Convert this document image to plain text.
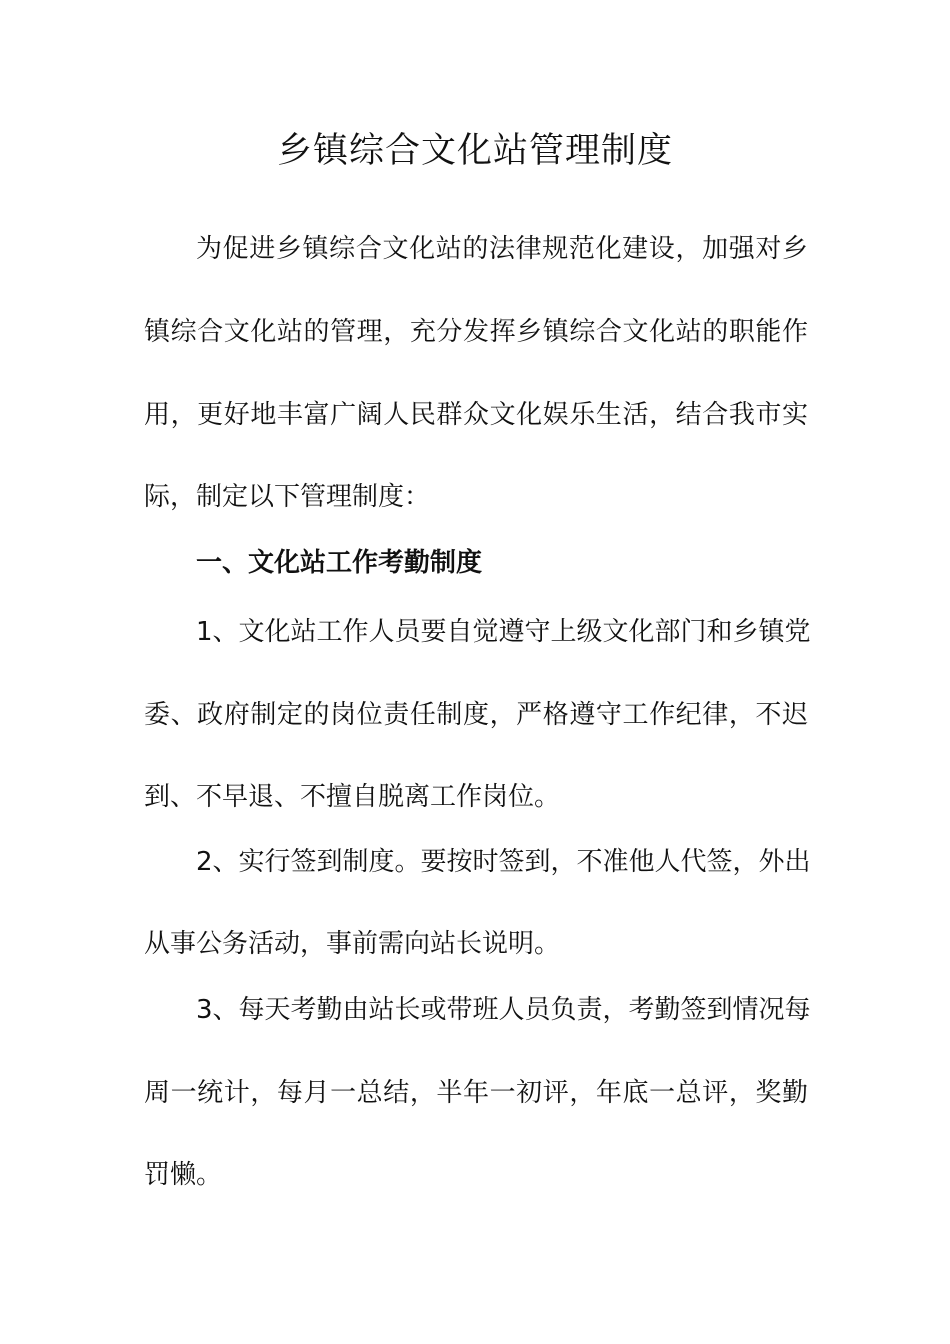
乡镇综合文化站管理制度

为促进乡镇综合文化站的法律规范化建设，加强对乡

镇综合文化站的管理，充分发挥乡镇综合文化站的职能作

用，更好地丰富广阔人民群众文化娱乐生活，结合我市实

际，制定以下管理制度：

一、文化站工作考勤制度

1、文化站工作人员要自觉遵守上级文化部门和乡镇党

委、政府制定的岗位责任制度，严格遵守工作纪律，不迟

到、不早退、不擅自脱离工作岗位。

2、实行签到制度。要按时签到，不准他人代签，外出

从事公务活动，事前需向站长说明。

3、每天考勤由站长或带班人员负责，考勤签到情况每

周一统计，每月一总结，半年一初评，年底一总评，奖勤

罚懒。
